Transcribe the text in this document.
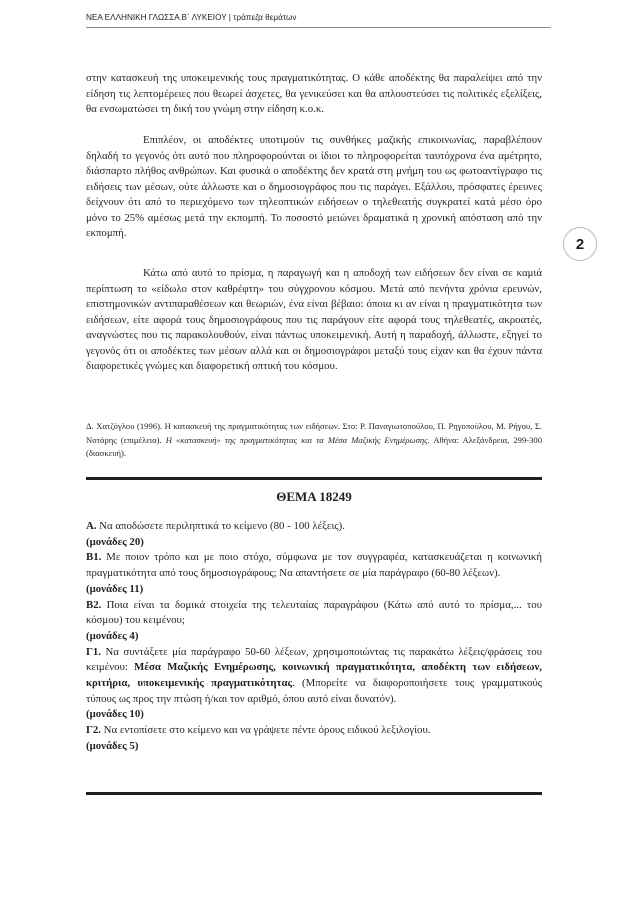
ΝΕΑ ΕΛΛΗΝΙΚΗ ΓΛΩΣΣΑ Β΄ ΛΥΚΕΙΟΥ | τράπεζα θεμάτων
2

στην κατασκευή της υποκειμενικής τους πραγματικότητας. Ο κάθε αποδέκτης θα παραλείψει από την είδηση τις λεπτομέρειες που θεωρεί άσχετες, θα γενικεύσει και θα απλουστεύσει τις πολιτικές εξελίξεις, θα ενσωματώσει τη δική του γνώμη στην είδηση κ.ο.κ.

Επιπλέον, οι αποδέκτες υποτιμούν τις συνθήκες μαζικής επικοινωνίας, παραβλέπουν δηλαδή το γεγονός ότι αυτό που πληροφορούνται οι ίδιοι το πληροφορείται ταυτόχρονα ένα αμέτρητο, διάσπαρτο πλήθος ανθρώπων. Και φυσικά ο αποδέκτης δεν κρατά στη μνήμη του ως φωτοαντίγραφο τις ειδήσεις των μέσων, ούτε άλλωστε και ο δημοσιογράφος που τις παράγει. Εξάλλου, πρόσφατες έρευνες δείχνουν ότι από το περιεχόμενο των τηλεοπτικών ειδήσεων ο τηλεθεατής συγκρατεί κατά μέσο όρο μόνο το 25% αμέσως μετά την εκπομπή. Το ποσοστό μειώνει δραματικά η χρονική απόσταση από την εκπομπή.

Κάτω από αυτό το πρίσμα, η παραγωγή και η αποδοχή των ειδήσεων δεν είναι σε καμιά περίπτωση το «είδωλο στον καθρέφτη» του σύγχρονου κόσμου. Μετά από πενήντα χρόνια ερευνών, επιστημονικών αντιπαραθέσεων και θεωριών, ένα είναι βέβαιο: όποια κι αν είναι η πραγματικότητα των ειδήσεων, είτε αφορά τους δημοσιογράφους που τις παράγουν είτε αφορά τους τηλεθεατές, ακροατές, αναγνώστες που τις παρακολουθούν, είναι πάντως υποκειμενική. Αυτή η παραδοχή, άλλωστε, εξηγεί το γεγονός ότι οι αποδέκτες των μέσων αλλά και οι δημοσιογράφοι μεταξύ τους είχαν και θα έχουν πάντα διαφορετικές γνώμες και διαφορετική οπτική του κόσμου.

Δ. Χατζόγλου (1996). Η κατασκευή της πραγματικότητας των ειδήσεων. Στο: Ρ. Παναγιωτοπούλου, Π. Ρηγοπούλου, Μ. Ρήγου, Σ. Νοτάρης (επιμέλεια). Η «κατασκευή» της πραγματικότητας και τα Μέσα Μαζικής Ενημέρωσης. Αθήνα: Αλεξάνδρεια, 299-300 (διασκευή).

ΘΕΜΑ 18249

Α. Να αποδώσετε περιληπτικά το κείμενο (80 - 100 λέξεις).

(μονάδες 20)

Β1. Με ποιον τρόπο και με ποιο στόχο, σύμφωνα με τον συγγραφέα, κατασκευάζεται η κοινωνική πραγματικότητα από τους δημοσιογράφους; Να απαντήσετε σε μία παράγραφο (60-80 λέξεων).

(μονάδες 11)

Β2. Ποια είναι τα δομικά στοιχεία της τελευταίας παραγράφου (Κάτω από αυτό το πρίσμα,... του κόσμου) του κειμένου;

(μονάδες 4)

Γ1. Να συντάξετε μία παράγραφο 50-60 λέξεων, χρησιμοποιώντας τις παρακάτω λέξεις/φράσεις του κειμένου: Μέσα Μαζικής Ενημέρωσης, κοινωνική πραγματικότητα, αποδέκτη των ειδήσεων, κριτήρια, υποκειμενικής πραγματικότητας. (Μπορείτε να διαφοροποιήσετε τους γραμματικούς τύπους ως προς την πτώση ή/και τον αριθμό, όπου αυτό είναι δυνατόν).

(μονάδες 10)

Γ2. Να εντοπίσετε στο κείμενο και να γράψετε πέντε όρους ειδικού λεξιλογίου.

(μονάδες 5)
